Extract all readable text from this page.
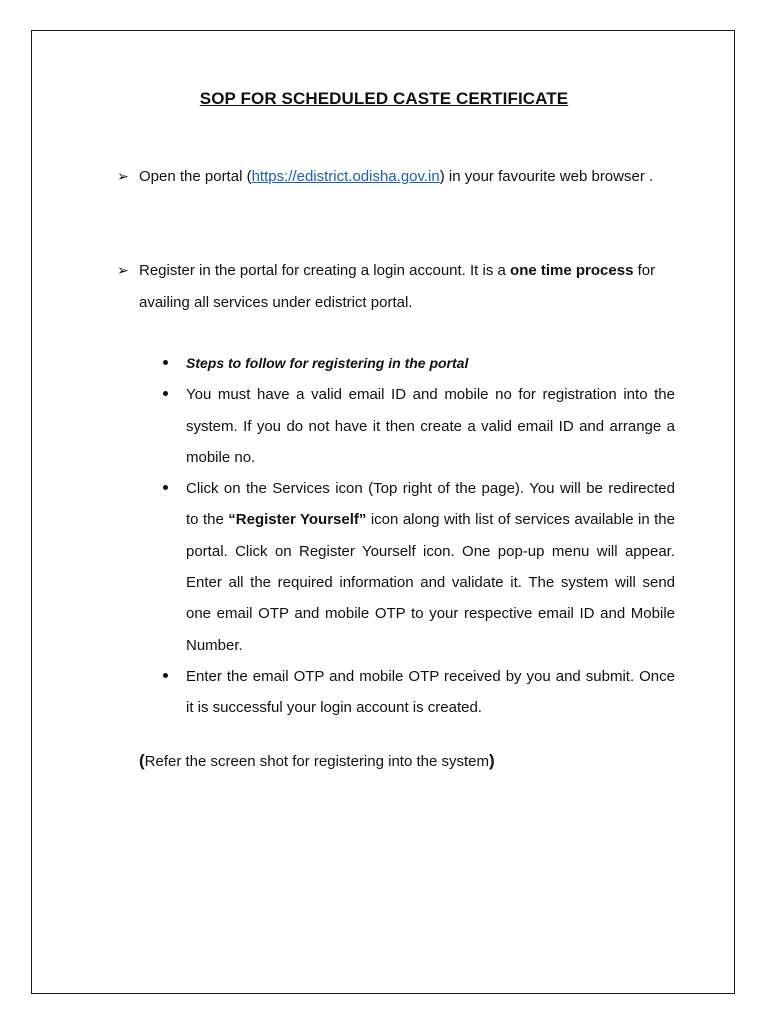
SOP FOR SCHEDULED CASTE CERTIFICATE
➢ Open the portal (https://edistrict.odisha.gov.in) in your favourite web browser .
➢ Register in the portal for creating a login account. It is a one time process for availing all services under edistrict portal.
Steps to follow for registering in the portal
You must have a valid email ID and mobile no for registration into the system. If you do not have it then create a valid email ID and arrange a mobile no.
Click on the Services icon (Top right of the page). You will be redirected to the “Register Yourself” icon along with list of services available in the portal. Click on Register Yourself icon. One pop-up menu will appear. Enter all the required information and validate it. The system will send one email OTP and mobile OTP to your respective email ID and Mobile Number.
Enter the email OTP and mobile OTP received by you and submit. Once it is successful your login account is created.
(Refer the screen shot for registering into the system)
